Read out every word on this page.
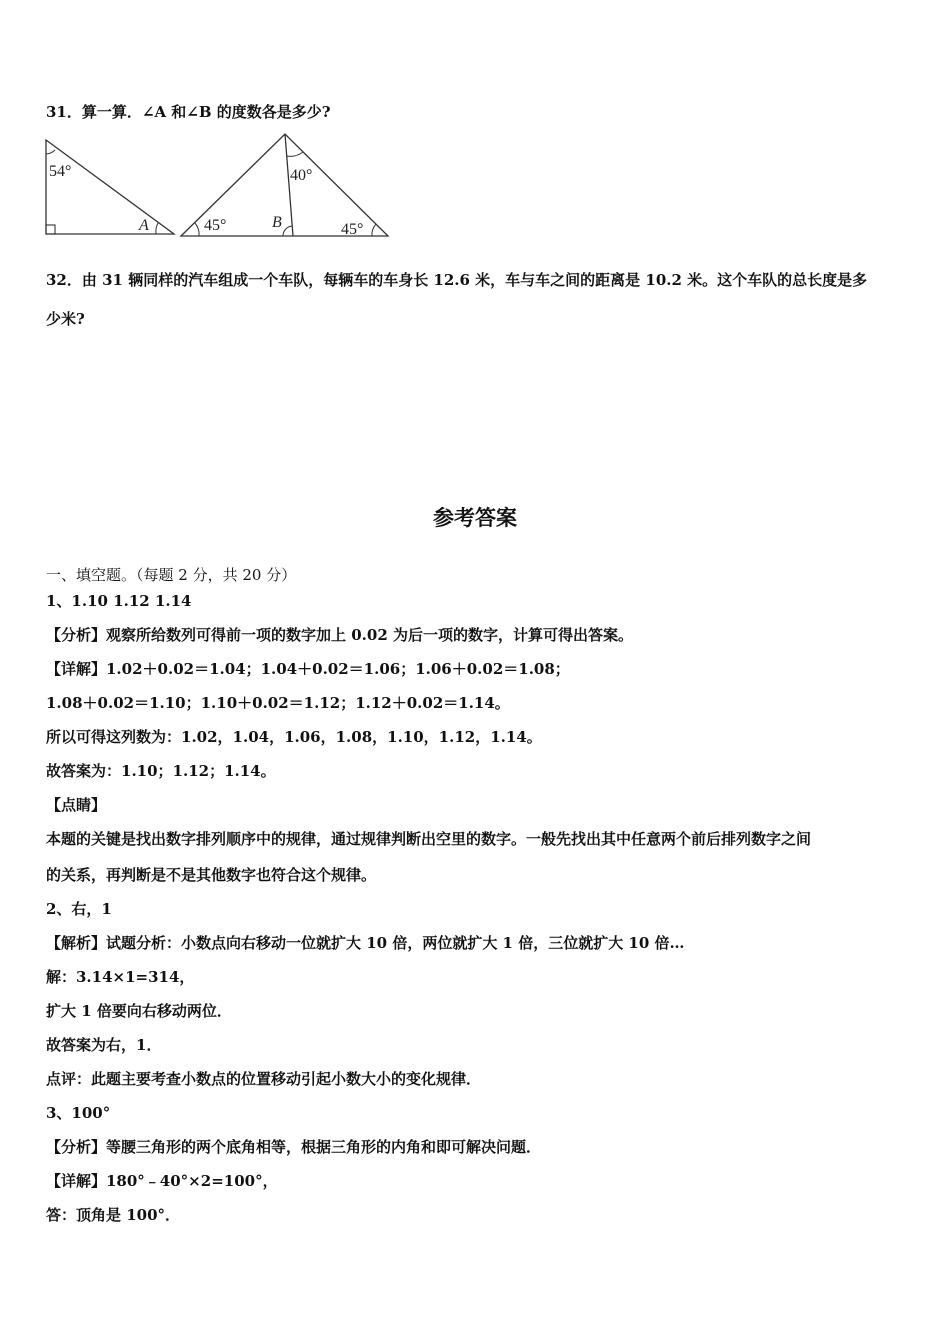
31．算一算．∠A 和∠B 的度数各是多少?
54°
A
40°
45°	B	45°
32．由 31 辆同样的汽车组成一个车队，每辆车的车身长 12.6 米，车与车之间的距离是 10.2 米。这个车队的总长度是多
少米?
参考答案
一、填空题。（每题 2 分，共 20 分）
1、1.10 1.12 1.14
【分析】观察所给数列可得前一项的数字加上 0.02 为后一项的数字，计算可得出答案。
【详解】1.02＋0.02＝1.04；1.04＋0.02＝1.06；1.06＋0.02＝1.08；
1.08＋0.02＝1.10；1.10＋0.02＝1.12；1.12＋0.02＝1.14。
所以可得这列数为：1.02，1.04，1.06，1.08，1.10，1.12，1.14。
故答案为：1.10；1.12；1.14。
【点睛】
本题的关键是找出数字排列顺序中的规律，通过规律判断出空里的数字。一般先找出其中任意两个前后排列数字之间
的关系，再判断是不是其他数字也符合这个规律。
2、右，1
【解析】试题分析：小数点向右移动一位就扩大 10 倍，两位就扩大 1 倍，三位就扩大 10 倍…
解：3.14×1=314，
扩大 1 倍要向右移动两位．
故答案为右，1．
点评：此题主要考查小数点的位置移动引起小数大小的变化规律．
3、100°
【分析】等腰三角形的两个底角相等，根据三角形的内角和即可解决问题．
【详解】180°﹣40°×2=100°，
答：顶角是 100°．
